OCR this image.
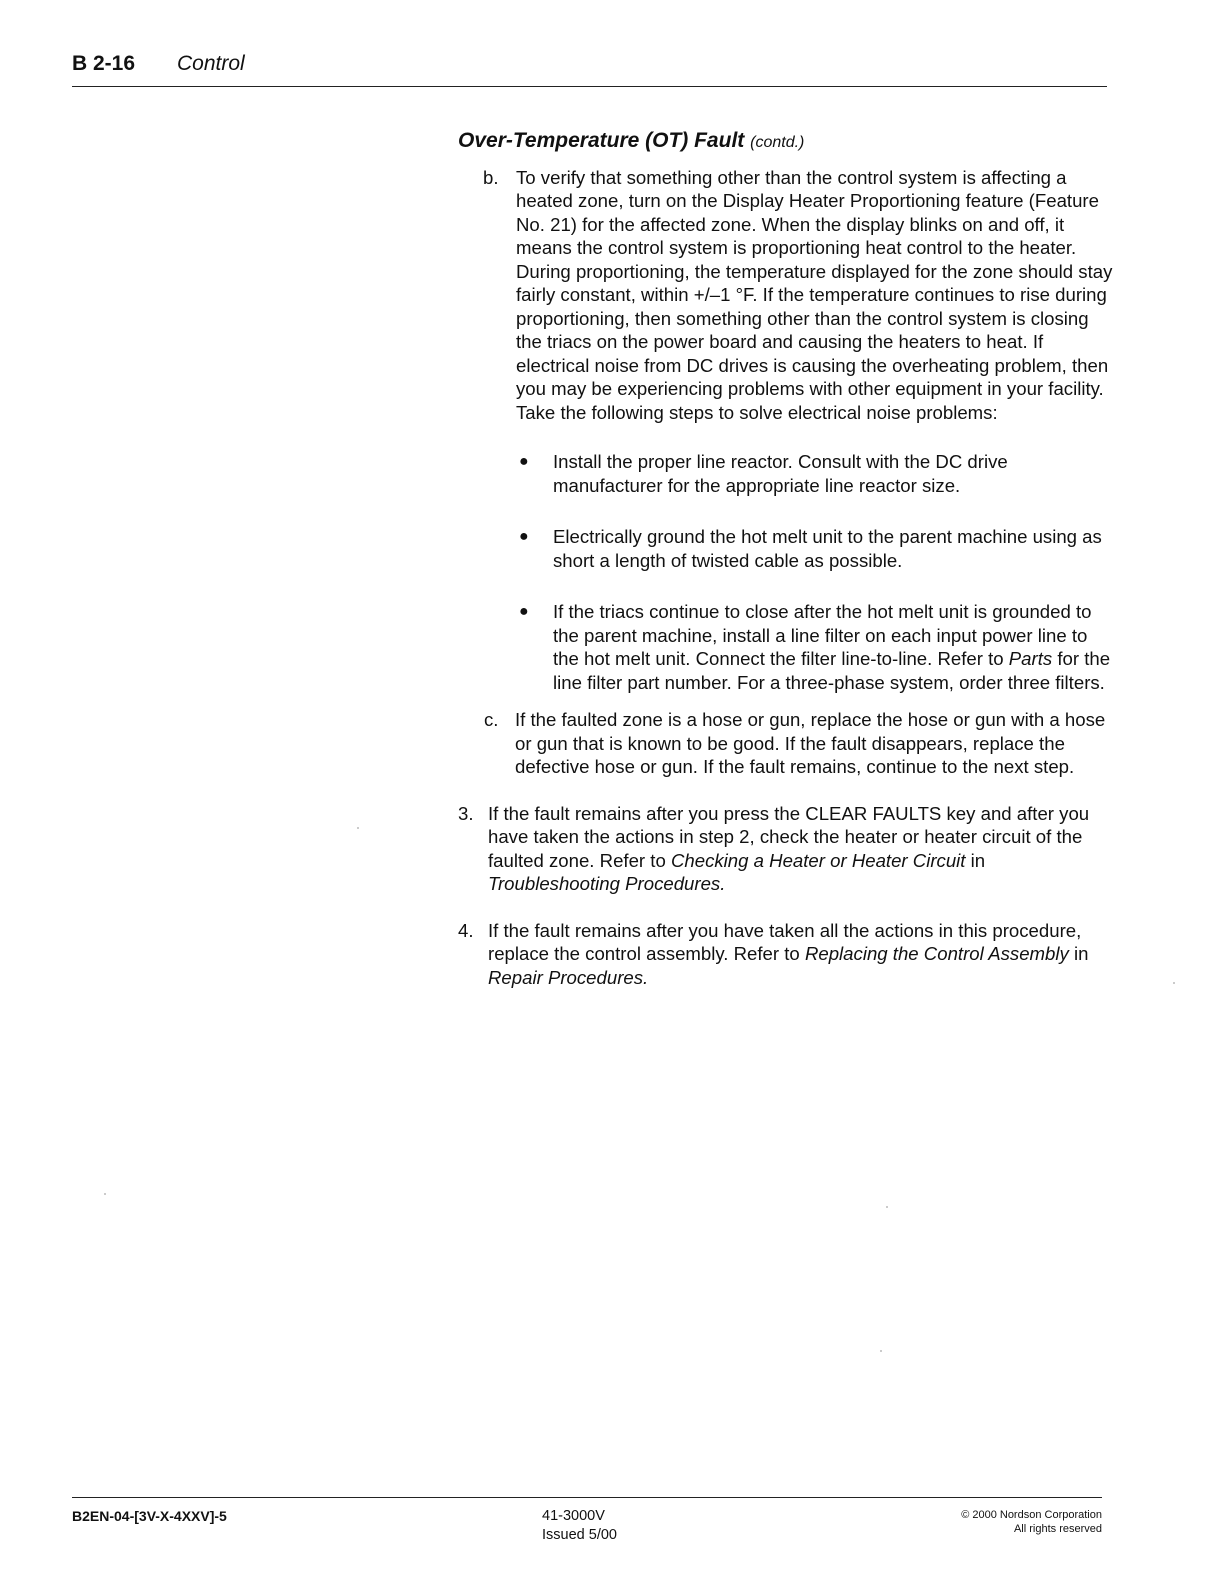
B 2-16 Control
Over-Temperature (OT) Fault (contd.)
b. To verify that something other than the control system is affecting a heated zone, turn on the Display Heater Proportioning feature (Feature No. 21) for the affected zone. When the display blinks on and off, it means the control system is proportioning heat control to the heater. During proportioning, the temperature displayed for the zone should stay fairly constant, within +/–1 °F. If the temperature continues to rise during proportioning, then something other than the control system is closing the triacs on the power board and causing the heaters to heat. If electrical noise from DC drives is causing the overheating problem, then you may be experiencing problems with other equipment in your facility. Take the following steps to solve electrical noise problems:
● Install the proper line reactor. Consult with the DC drive manufacturer for the appropriate line reactor size.
● Electrically ground the hot melt unit to the parent machine using as short a length of twisted cable as possible.
● If the triacs continue to close after the hot melt unit is grounded to the parent machine, install a line filter on each input power line to the hot melt unit. Connect the filter line-to-line. Refer to Parts for the line filter part number. For a three-phase system, order three filters.
c. If the faulted zone is a hose or gun, replace the hose or gun with a hose or gun that is known to be good. If the fault disappears, replace the defective hose or gun. If the fault remains, continue to the next step.
3. If the fault remains after you press the CLEAR FAULTS key and after you have taken the actions in step 2, check the heater or heater circuit of the faulted zone. Refer to Checking a Heater or Heater Circuit in Troubleshooting Procedures.
4. If the fault remains after you have taken all the actions in this procedure, replace the control assembly. Refer to Replacing the Control Assembly in Repair Procedures.
B2EN-04-[3V-X-4XXV]-5	41-3000V
Issued 5/00
© 2000 Nordson Corporation
All rights reserved
